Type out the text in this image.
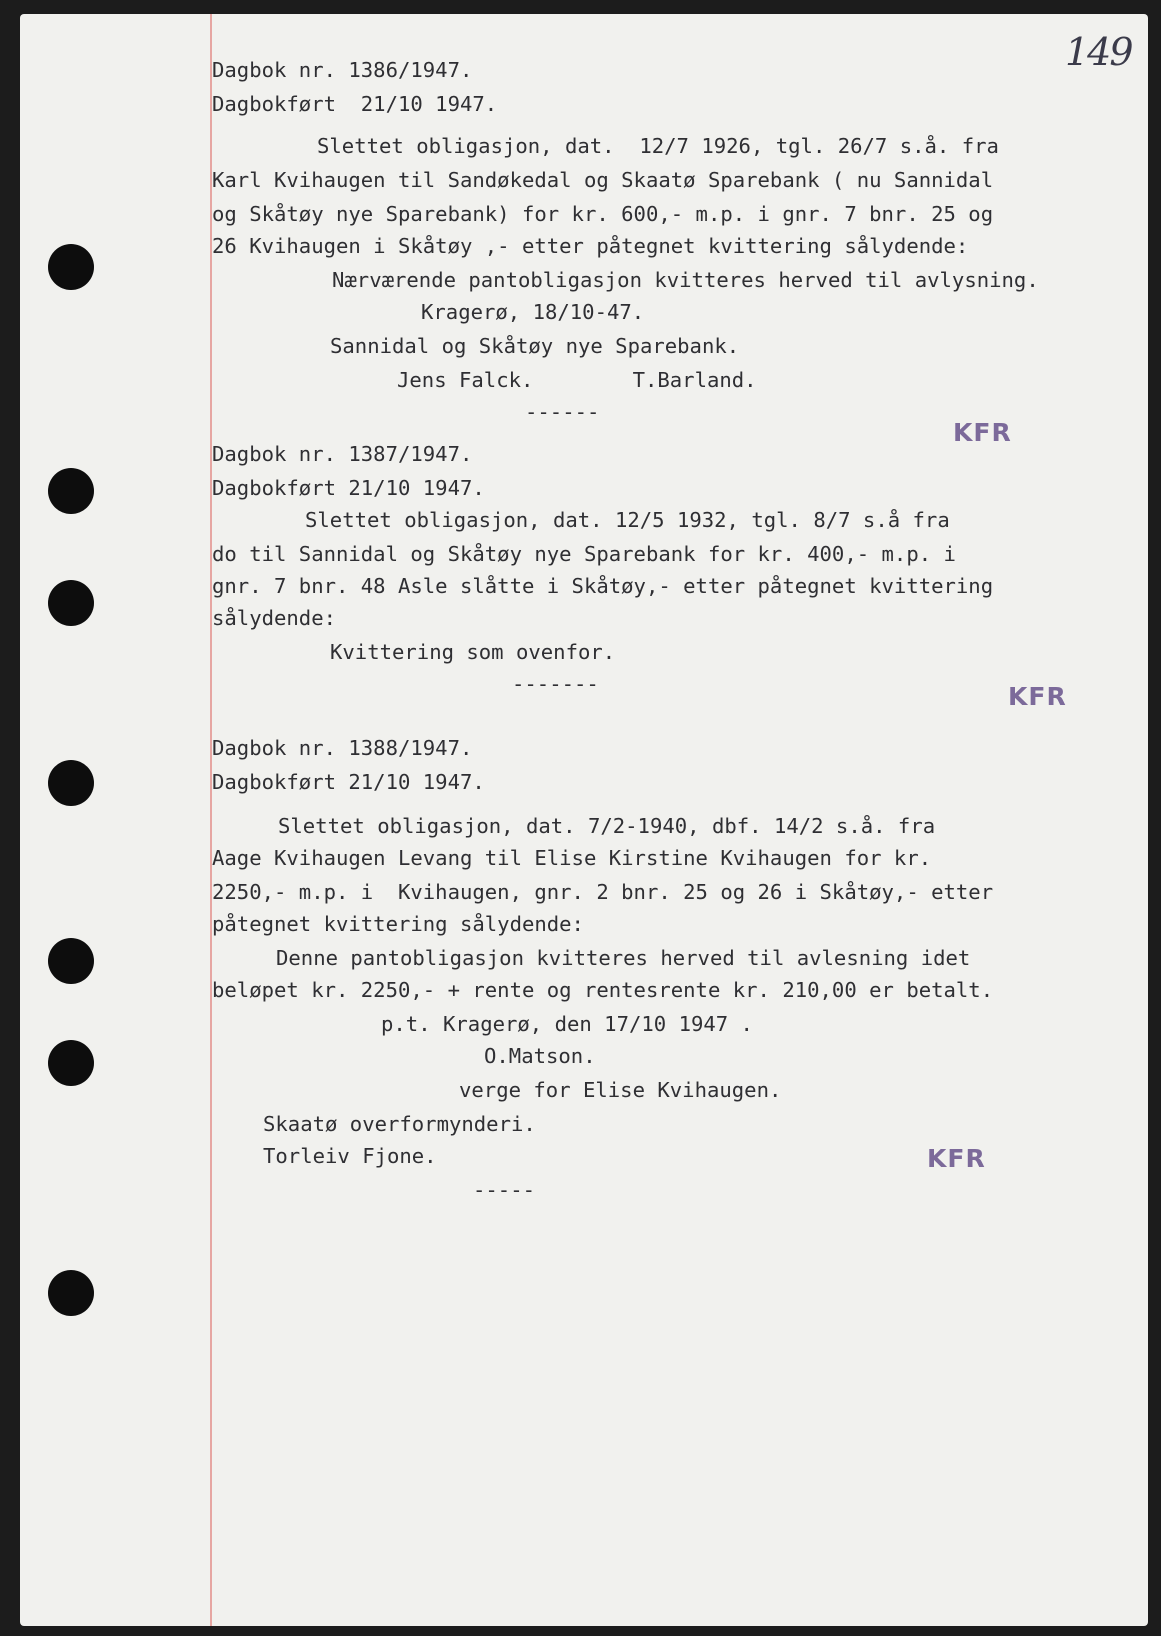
149
Dagbok nr. 1386/1947.
Dagbokført  21/10 1947.
Slettet obligasjon, dat.  12/7 1926, tgl. 26/7 s.å. fra
Karl Kvihaugen til Sandøkedal og Skaatø Sparebank ( nu Sannidal
og Skåtøy nye Sparebank) for kr. 600,- m.p. i gnr. 7 bnr. 25 og
26 Kvihaugen i Skåtøy ,- etter påtegnet kvittering sålydende:
Nærværende pantobligasjon kvitteres herved til avlysning.
Kragerø, 18/10-47.
Sannidal og Skåtøy nye Sparebank.
Jens Falck.        T.Barland.
------
KFR
Dagbok nr. 1387/1947.
Dagbokført 21/10 1947.
Slettet obligasjon, dat. 12/5 1932, tgl. 8/7 s.å fra
do til Sannidal og Skåtøy nye Sparebank for kr. 400,- m.p. i
gnr. 7 bnr. 48 Asle slåtte i Skåtøy,- etter påtegnet kvittering
sålydende:
Kvittering som ovenfor.
-------	KFR
Dagbok nr. 1388/1947.
Dagbokført 21/10 1947.
Slettet obligasjon, dat. 7/2-1940, dbf. 14/2 s.å. fra
Aage Kvihaugen Levang til Elise Kirstine Kvihaugen for kr.
2250,- m.p. i  Kvihaugen, gnr. 2 bnr. 25 og 26 i Skåtøy,- etter
påtegnet kvittering sålydende:
Denne pantobligasjon kvitteres herved til avlesning idet
beløpet kr. 2250,- + rente og rentesrente kr. 210,00 er betalt.
p.t. Kragerø, den 17/10 1947 .
O.Matson.
verge for Elise Kvihaugen.
Skaatø overformynderi.
Torleiv Fjone.
-----
KFR
